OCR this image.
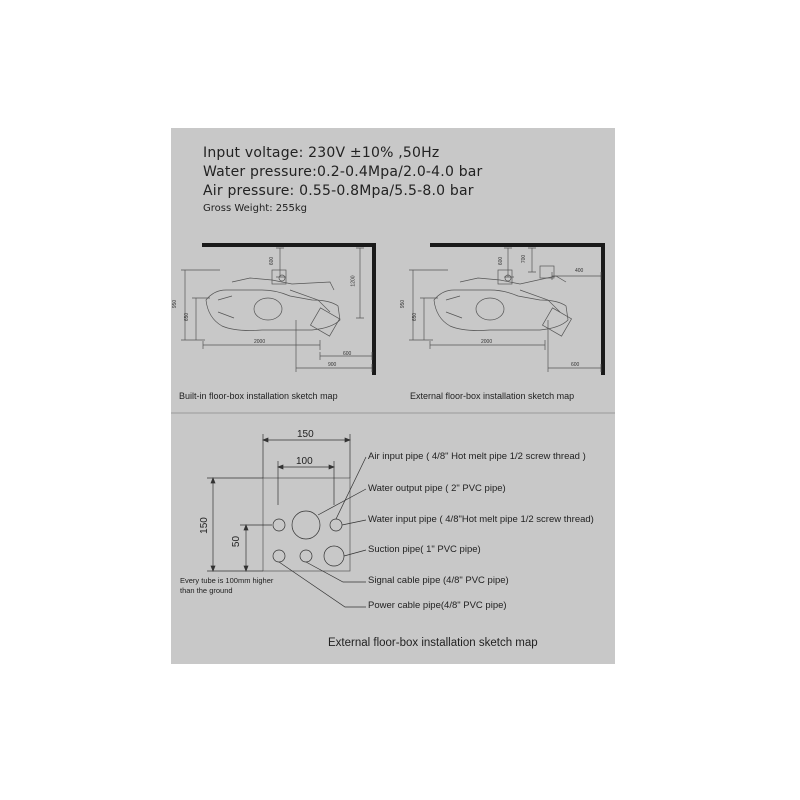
Input voltage: 230V ±10% ,50Hz
Water pressure:0.2-0.4Mpa/2.0-4.0 bar
Air pressure: 0.55-0.8Mpa/5.5-8.0 bar
Gross Weight: 255kg
950
650
600
1200
2000
600
900
Built-in floor-box installation sketch map
950
650
600	700
400
2000
600
External floor-box installation sketch map
150
100
150
50
Every tube is 100mm higher than the ground
Air input pipe ( 4/8" Hot melt pipe 1/2 screw thread )
Water output pipe ( 2" PVC pipe)
Water input pipe ( 4/8"Hot melt pipe 1/2 screw thread)
Suction pipe( 1" PVC pipe)
Signal cable pipe (4/8" PVC pipe)
Power cable pipe(4/8" PVC pipe)
External floor-box installation sketch map
